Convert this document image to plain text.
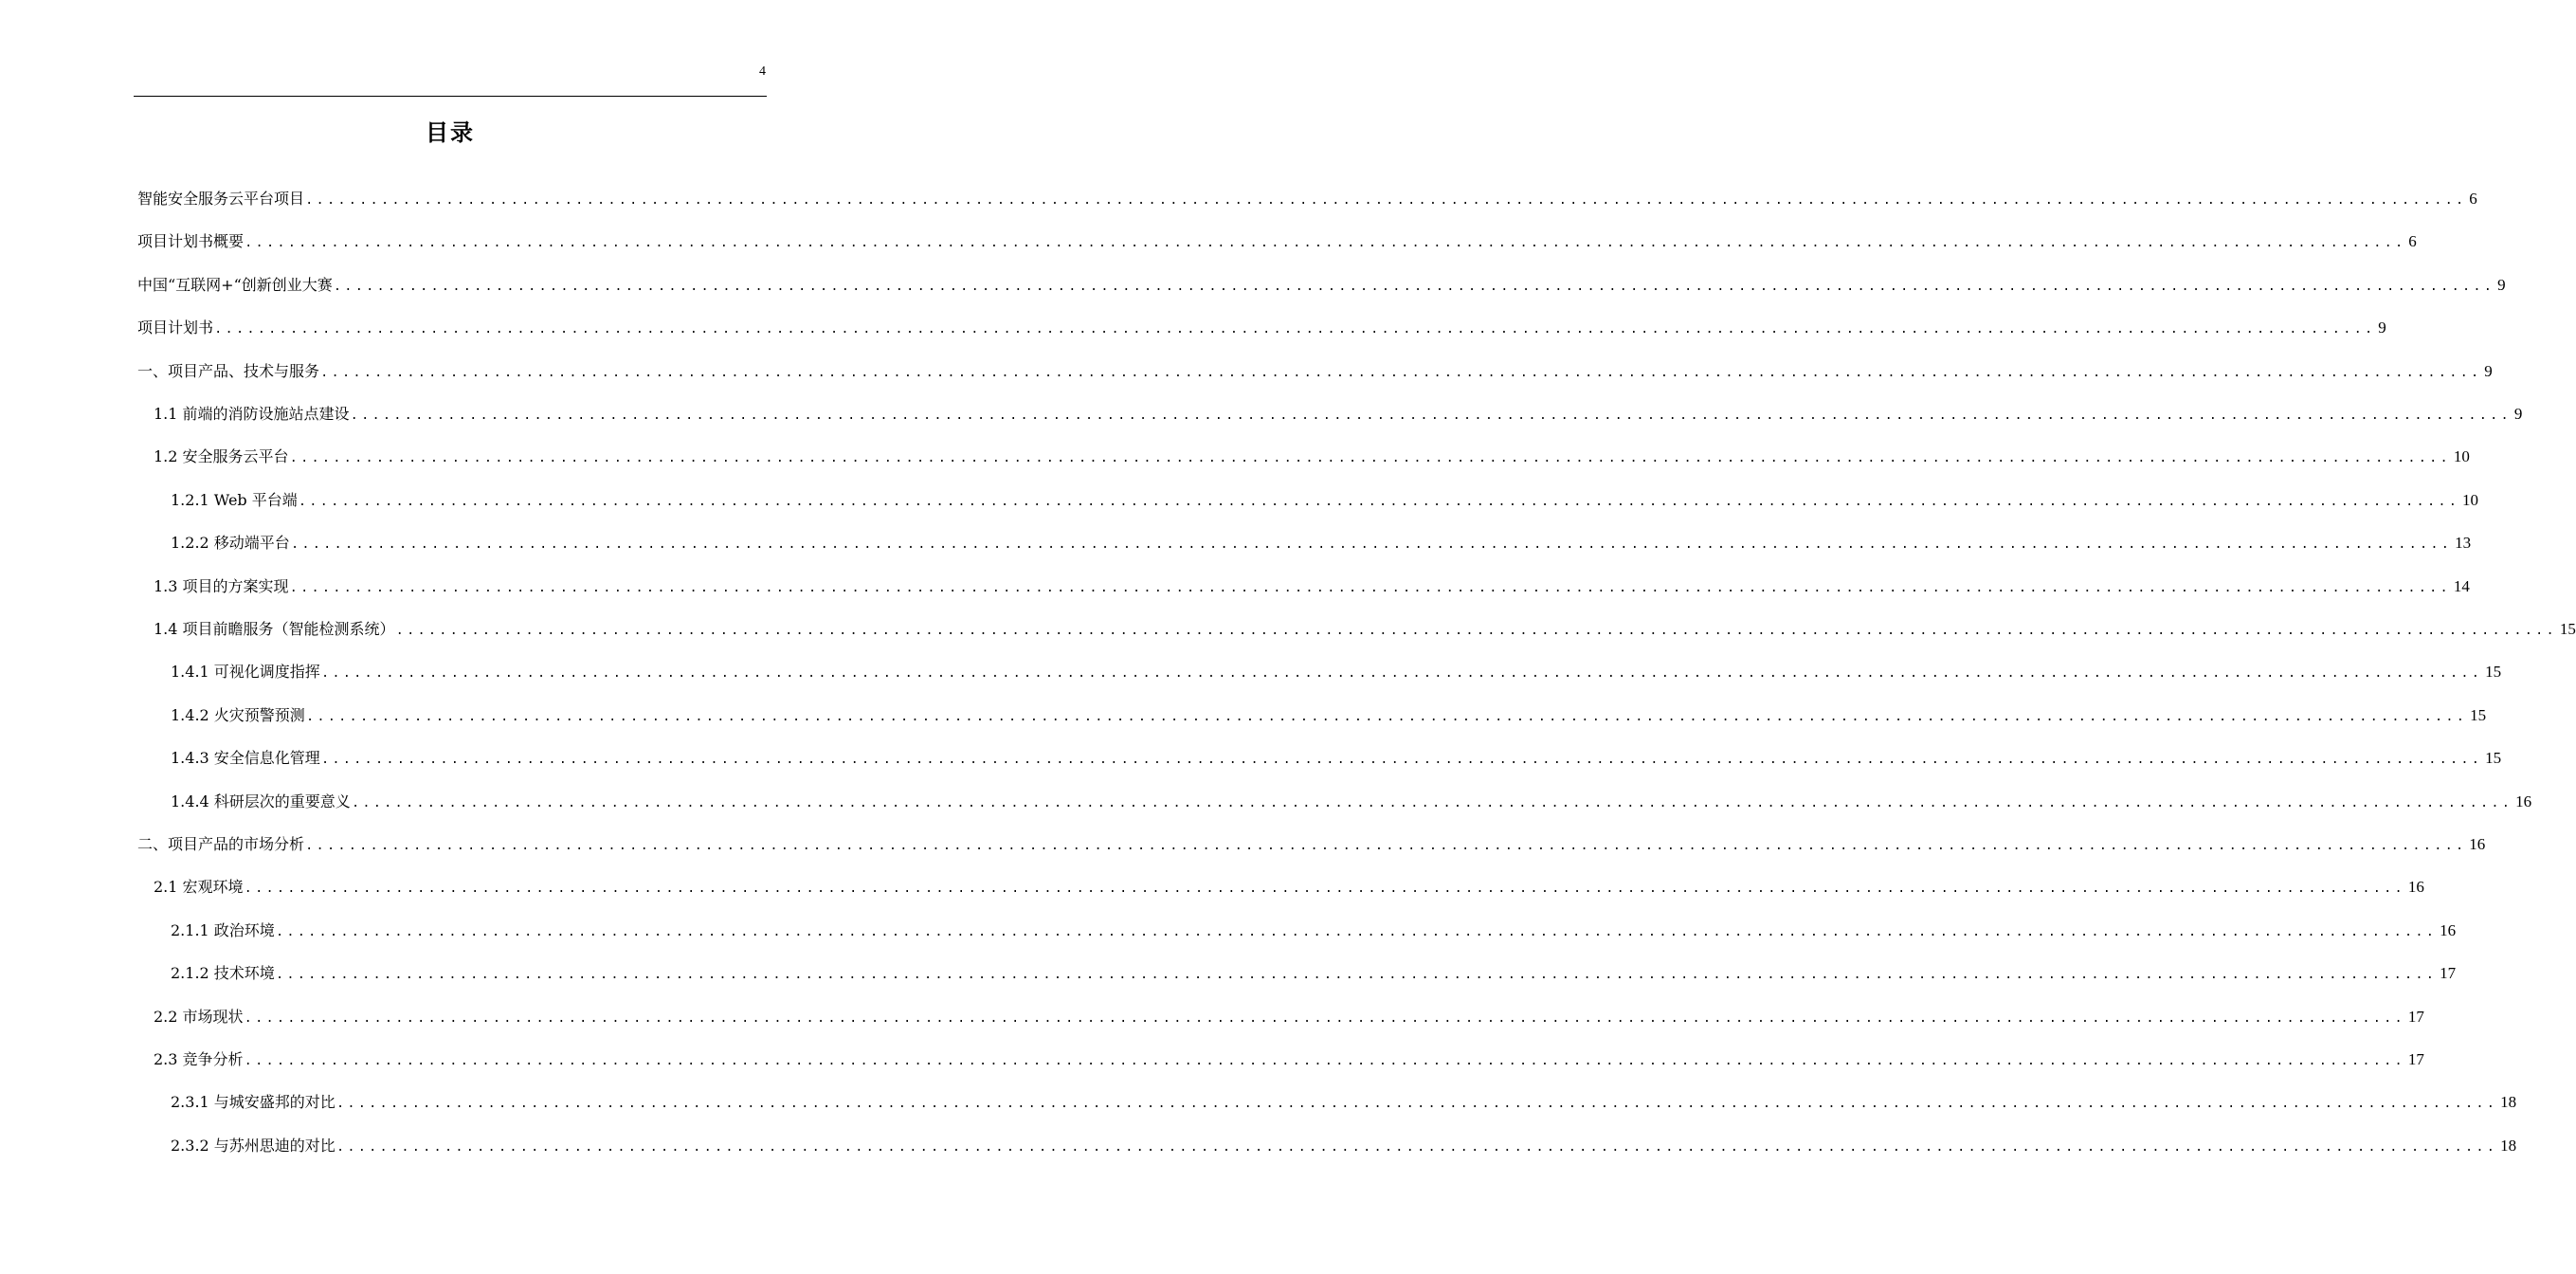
4
目录
智能安全服务云平台项目 ........................................................................................................................................................................................................ 6
项目计划书概要 ........................................................................................................................................................................................................ 6
中国“互联网+“创新创业大赛 ........................................................................................................................................................................................................ 9
项目计划书 ........................................................................................................................................................................................................ 9
一、项目产品、技术与服务 ........................................................................................................................................................................................................ 9
1.1 前端的消防设施站点建设 ........................................................................................................................................................................................................ 9
1.2 安全服务云平台 ........................................................................................................................................................................................................ 10
1.2.1 Web 平台端 ........................................................................................................................................................................................................ 10
1.2.2 移动端平台 ........................................................................................................................................................................................................ 13
1.3 项目的方案实现 ........................................................................................................................................................................................................ 14
1.4 项目前瞻服务（智能检测系统） ........................................................................................................................................................................................................ 15
1.4.1 可视化调度指挥 ........................................................................................................................................................................................................ 15
1.4.2 火灾预警预测 ........................................................................................................................................................................................................ 15
1.4.3 安全信息化管理 ........................................................................................................................................................................................................ 15
1.4.4 科研层次的重要意义 ........................................................................................................................................................................................................ 16
二、项目产品的市场分析 ........................................................................................................................................................................................................ 16
2.1 宏观环境 ........................................................................................................................................................................................................ 16
2.1.1 政治环境 ........................................................................................................................................................................................................ 16
2.1.2 技术环境 ........................................................................................................................................................................................................ 17
2.2 市场现状 ........................................................................................................................................................................................................ 17
2.3 竞争分析 ........................................................................................................................................................................................................ 17
2.3.1 与城安盛邦的对比 ........................................................................................................................................................................................................ 18
2.3.2 与苏州思迪的对比 ........................................................................................................................................................................................................ 18
